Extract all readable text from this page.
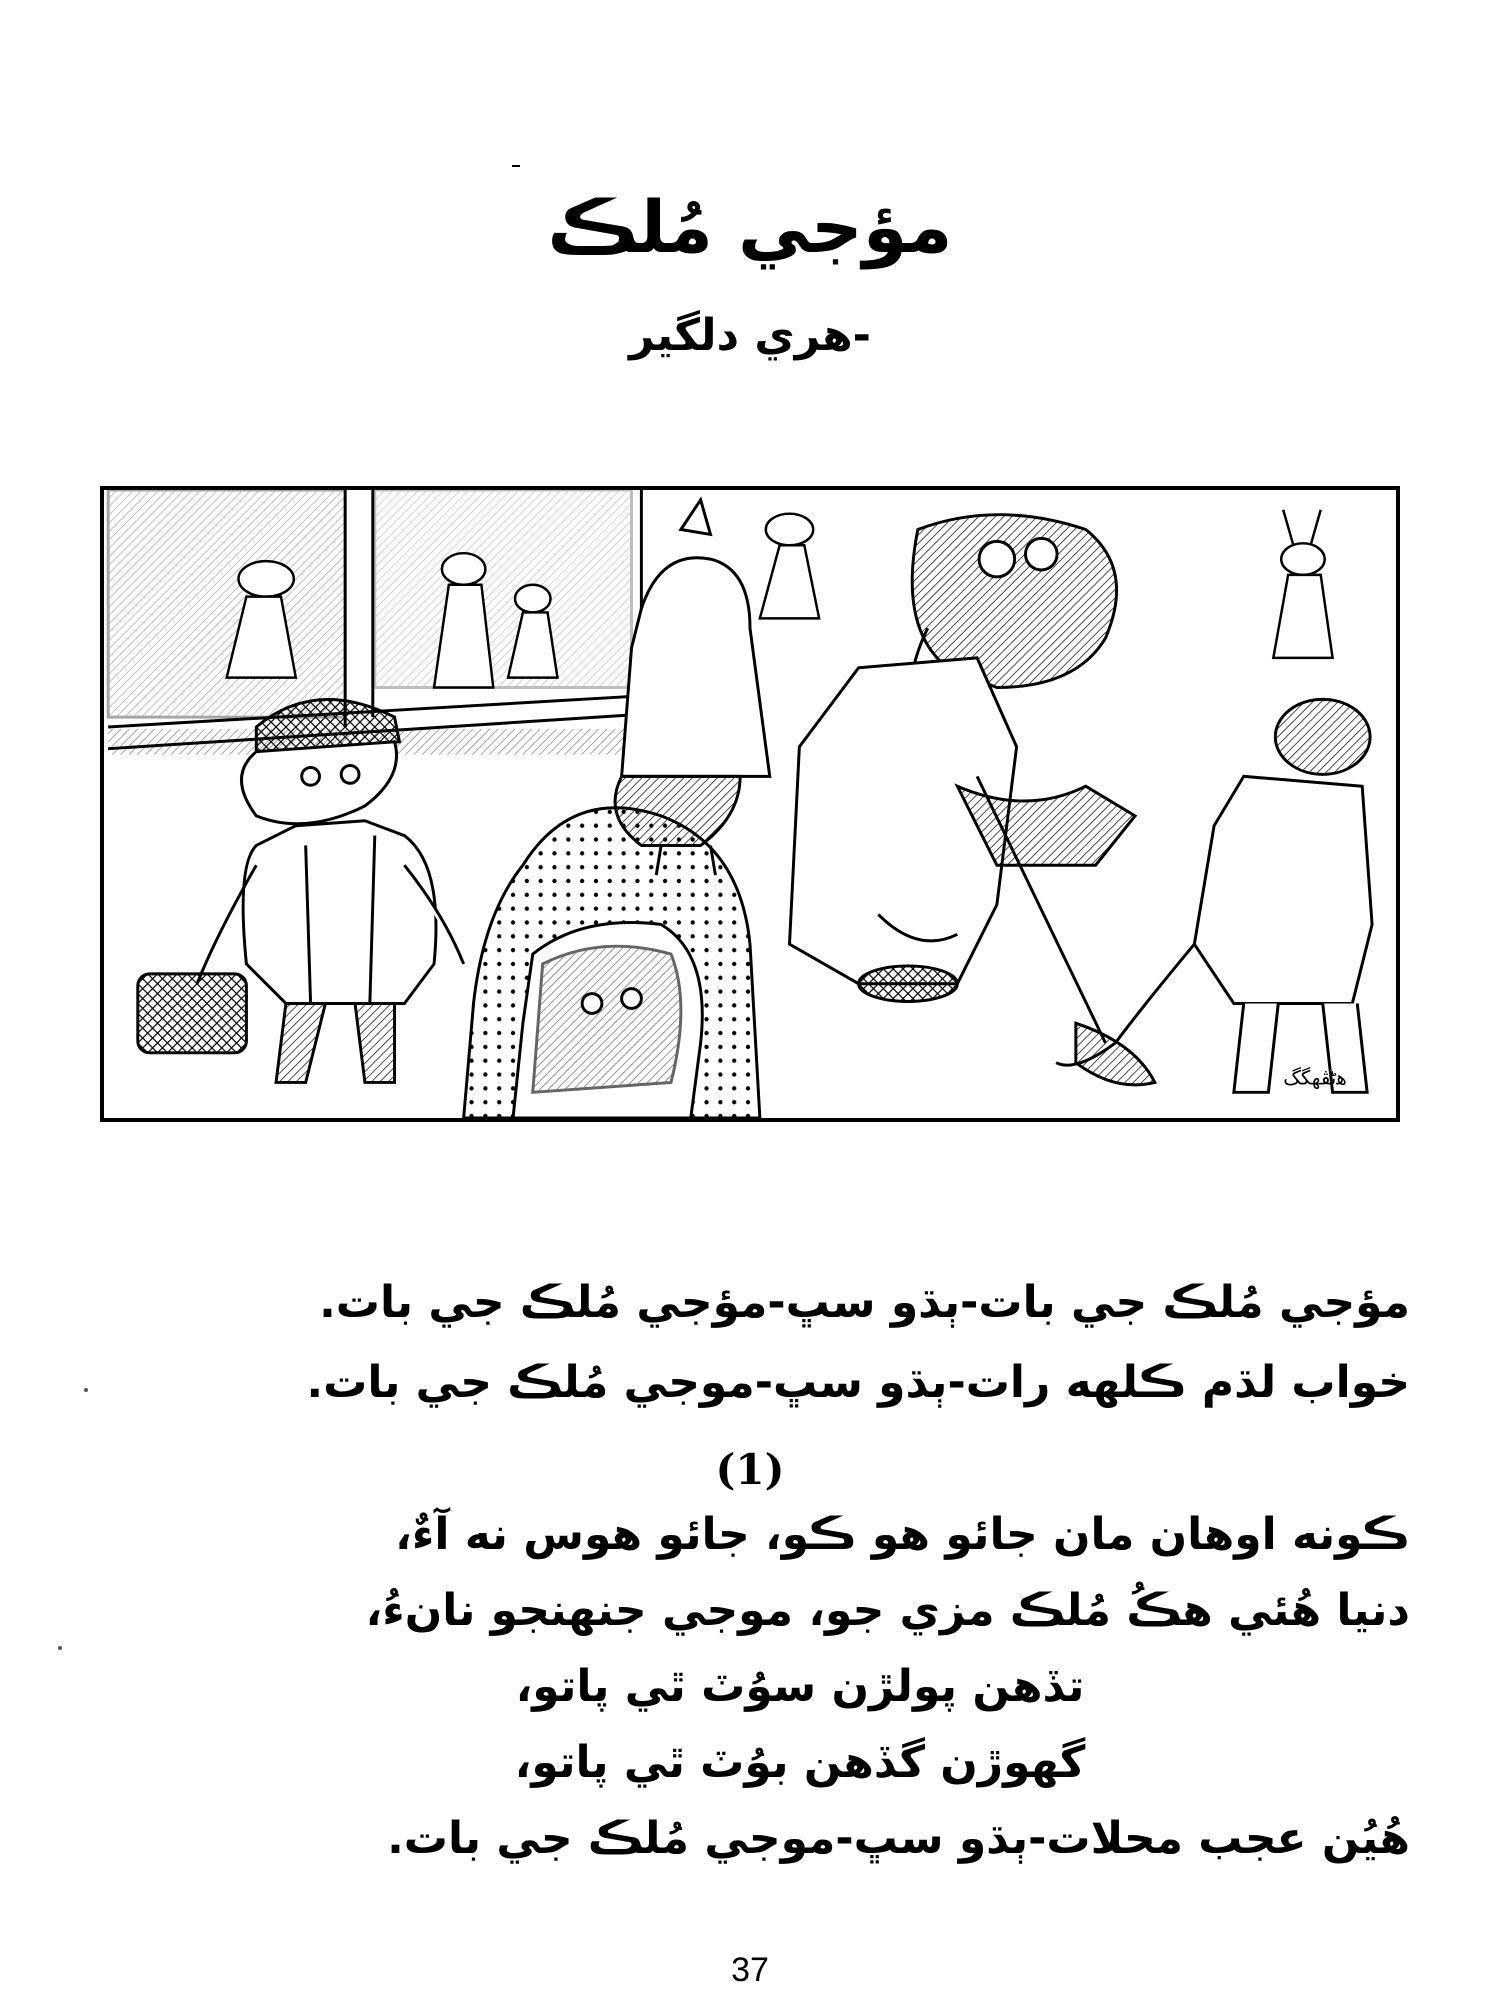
مؤجي مُلڪ
-هري دلگير
ﮬﭨﭭﮭﮕﮓ
مؤجي مُلڪ جي بات-ٻڌو سڀ-مؤجي مُلڪ جي بات.
خواب لڌم ڪلهه رات-ٻڌو سڀ-موجي مُلڪ جي بات.
(1)
ڪونه اوهان مان جائو هو ڪو، جائو هوس نه آءٌ،
دنيا هُئي هڪُ مُلڪ مزي جو، موجي جنهنجو نانءُ،
تڏهن پولڙن سوُٽ ٿي پاتو،
گهوڙن گڏهن بوُٽ ٿي پاتو،
هُيُن عجب محلات-ٻڌو سڀ-موجي مُلڪ جي بات.
37
